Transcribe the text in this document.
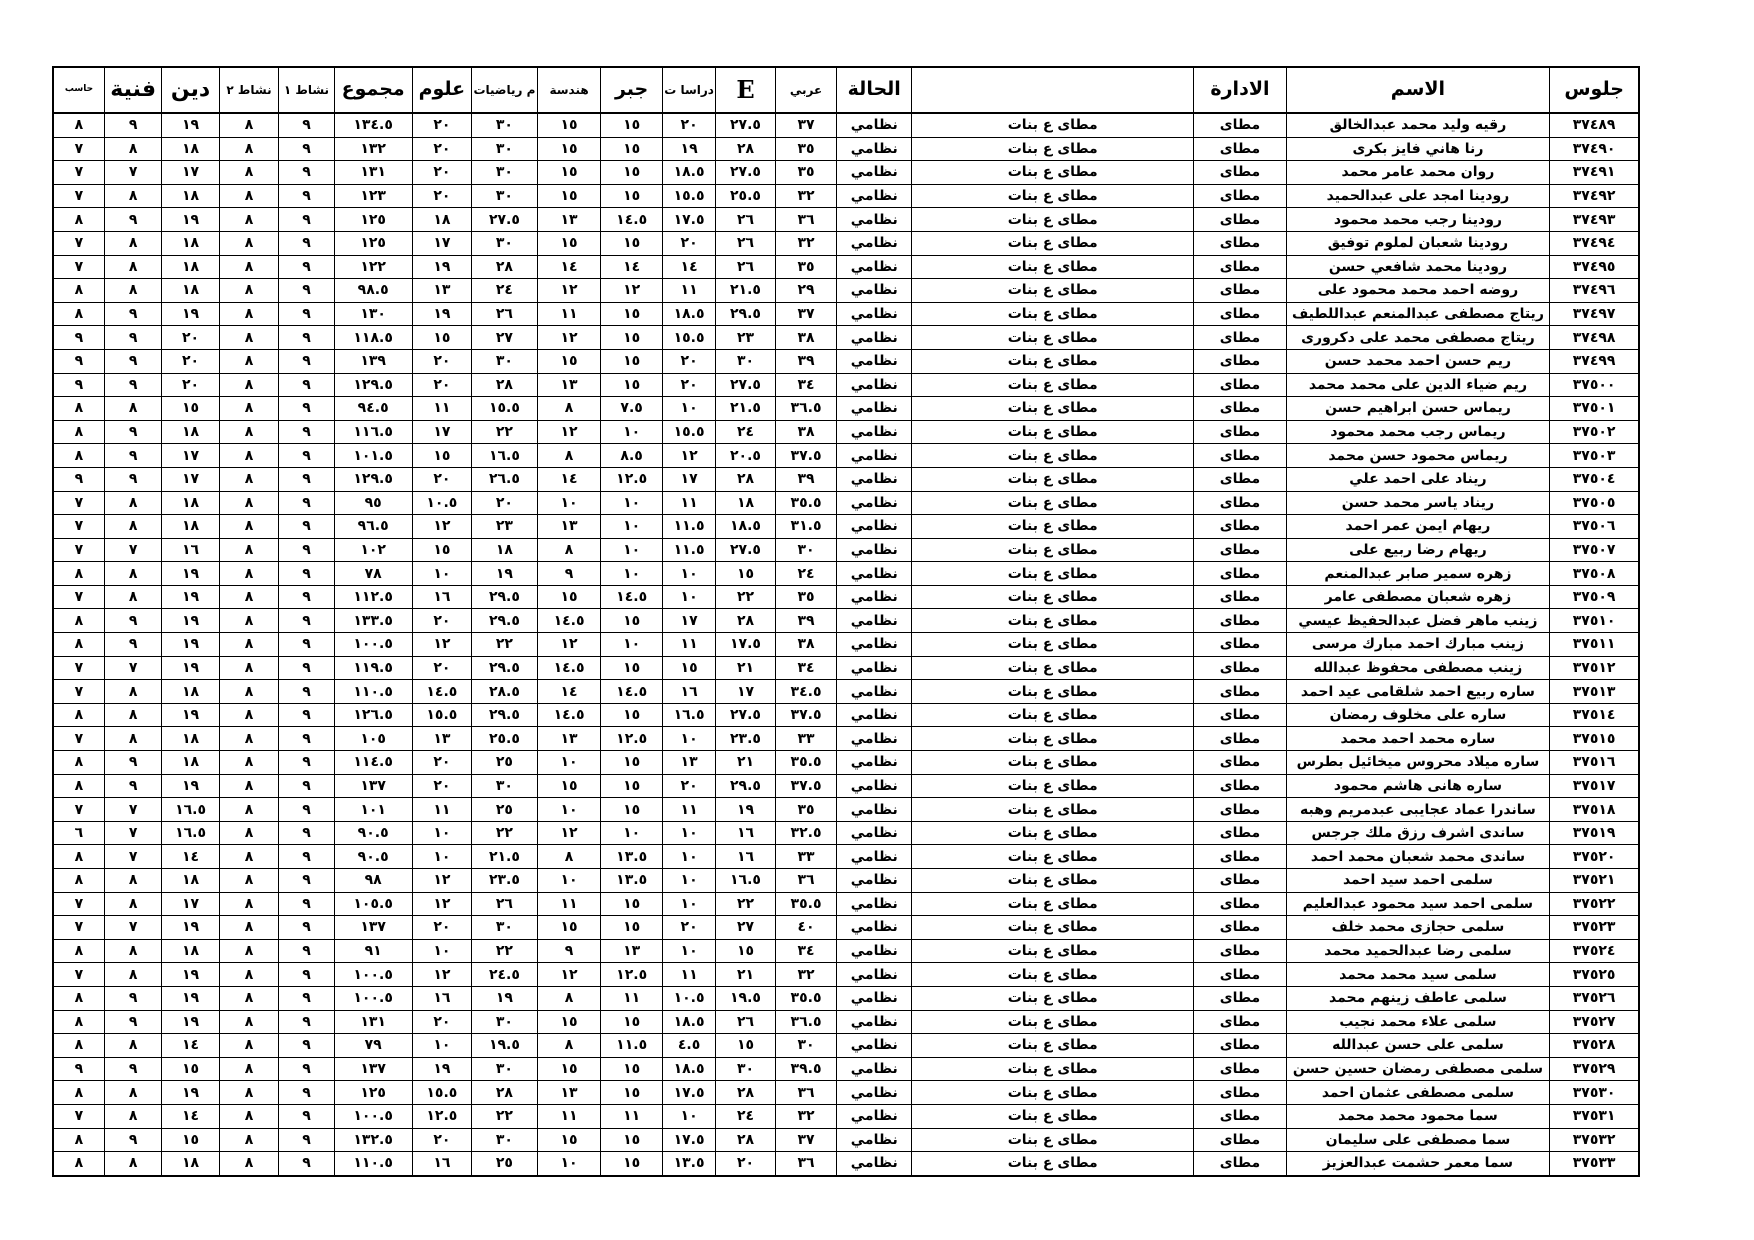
جلوس	الاسم	الادارة		الحالة	عربي	E	دراسا ت	جبر	هندسة	م رياضيات	علوم	مجموع	نشاط ١	نشاط ٢	دين	فنية	حاسب
٣٧٤٨٩	رقيه وليد محمد عبدالخالق	مطاى	مطاى ع بنات	نظامي	٣٧	٢٧.٥	٢٠	١٥	١٥	٣٠	٢٠	١٣٤.٥	٩	٨	١٩	٩	٨
٣٧٤٩٠	رنا هاني فايز بكرى	مطاى	مطاى ع بنات	نظامي	٣٥	٢٨	١٩	١٥	١٥	٣٠	٢٠	١٣٢	٩	٨	١٨	٨	٧
٣٧٤٩١	روان محمد عامر محمد	مطاى	مطاى ع بنات	نظامي	٣٥	٢٧.٥	١٨.٥	١٥	١٥	٣٠	٢٠	١٣١	٩	٨	١٧	٧	٧
٣٧٤٩٢	رودينا امجد على عبدالحميد	مطاى	مطاى ع بنات	نظامي	٣٢	٢٥.٥	١٥.٥	١٥	١٥	٣٠	٢٠	١٢٣	٩	٨	١٨	٨	٧
٣٧٤٩٣	رودينا رجب محمد محمود	مطاى	مطاى ع بنات	نظامي	٣٦	٢٦	١٧.٥	١٤.٥	١٣	٢٧.٥	١٨	١٢٥	٩	٨	١٩	٩	٨
٣٧٤٩٤	رودينا شعبان لملوم توفيق	مطاى	مطاى ع بنات	نظامي	٣٢	٢٦	٢٠	١٥	١٥	٣٠	١٧	١٢٥	٩	٨	١٨	٨	٧
٣٧٤٩٥	رودينا محمد شافعي حسن	مطاى	مطاى ع بنات	نظامي	٣٥	٢٦	١٤	١٤	١٤	٢٨	١٩	١٢٢	٩	٨	١٨	٨	٧
٣٧٤٩٦	روضه احمد محمد محمود على	مطاى	مطاى ع بنات	نظامي	٢٩	٢١.٥	١١	١٢	١٢	٢٤	١٣	٩٨.٥	٩	٨	١٨	٨	٨
٣٧٤٩٧	ريتاج مصطفى عبدالمنعم عبداللطيف	مطاى	مطاى ع بنات	نظامي	٣٧	٢٩.٥	١٨.٥	١٥	١١	٢٦	١٩	١٣٠	٩	٨	١٩	٩	٨
٣٧٤٩٨	ريتاج مصطفى محمد على دكرورى	مطاى	مطاى ع بنات	نظامي	٣٨	٢٣	١٥.٥	١٥	١٢	٢٧	١٥	١١٨.٥	٩	٨	٢٠	٩	٩
٣٧٤٩٩	ريم حسن احمد محمد حسن	مطاى	مطاى ع بنات	نظامي	٣٩	٣٠	٢٠	١٥	١٥	٣٠	٢٠	١٣٩	٩	٨	٢٠	٩	٩
٣٧٥٠٠	ريم ضياء الدين على محمد محمد	مطاى	مطاى ع بنات	نظامي	٣٤	٢٧.٥	٢٠	١٥	١٣	٢٨	٢٠	١٢٩.٥	٩	٨	٢٠	٩	٩
٣٧٥٠١	ريماس حسن ابراهيم حسن	مطاى	مطاى ع بنات	نظامي	٣٦.٥	٢١.٥	١٠	٧.٥	٨	١٥.٥	١١	٩٤.٥	٩	٨	١٥	٨	٨
٣٧٥٠٢	ريماس رجب محمد محمود	مطاى	مطاى ع بنات	نظامي	٣٨	٢٤	١٥.٥	١٠	١٢	٢٢	١٧	١١٦.٥	٩	٨	١٨	٩	٨
٣٧٥٠٣	ريماس محمود حسن محمد	مطاى	مطاى ع بنات	نظامي	٣٧.٥	٢٠.٥	١٢	٨.٥	٨	١٦.٥	١٥	١٠١.٥	٩	٨	١٧	٩	٨
٣٧٥٠٤	ريناد على احمد علي	مطاى	مطاى ع بنات	نظامي	٣٩	٢٨	١٧	١٢.٥	١٤	٢٦.٥	٢٠	١٢٩.٥	٩	٨	١٧	٩	٩
٣٧٥٠٥	ريناد ياسر محمد حسن	مطاى	مطاى ع بنات	نظامي	٣٥.٥	١٨	١١	١٠	١٠	٢٠	١٠.٥	٩٥	٩	٨	١٨	٨	٧
٣٧٥٠٦	ريهام ايمن عمر احمد	مطاى	مطاى ع بنات	نظامي	٣١.٥	١٨.٥	١١.٥	١٠	١٣	٢٣	١٢	٩٦.٥	٩	٨	١٨	٨	٧
٣٧٥٠٧	ريهام رضا ربيع على	مطاى	مطاى ع بنات	نظامي	٣٠	٢٧.٥	١١.٥	١٠	٨	١٨	١٥	١٠٢	٩	٨	١٦	٧	٧
٣٧٥٠٨	زهره سمير صابر عبدالمنعم	مطاى	مطاى ع بنات	نظامي	٢٤	١٥	١٠	١٠	٩	١٩	١٠	٧٨	٩	٨	١٩	٨	٨
٣٧٥٠٩	زهره شعبان مصطفى عامر	مطاى	مطاى ع بنات	نظامي	٣٥	٢٢	١٠	١٤.٥	١٥	٢٩.٥	١٦	١١٢.٥	٩	٨	١٩	٨	٧
٣٧٥١٠	زينب ماهر فضل عبدالحفيظ عيسي	مطاى	مطاى ع بنات	نظامي	٣٩	٢٨	١٧	١٥	١٤.٥	٢٩.٥	٢٠	١٣٣.٥	٩	٨	١٩	٩	٨
٣٧٥١١	زينب مبارك احمد مبارك مرسى	مطاى	مطاى ع بنات	نظامي	٣٨	١٧.٥	١١	١٠	١٢	٢٢	١٢	١٠٠.٥	٩	٨	١٩	٩	٨
٣٧٥١٢	زينب مصطفى محفوظ عبدالله	مطاى	مطاى ع بنات	نظامي	٣٤	٢١	١٥	١٥	١٤.٥	٢٩.٥	٢٠	١١٩.٥	٩	٨	١٩	٧	٧
٣٧٥١٣	ساره ربيع احمد شلقامى عيد احمد	مطاى	مطاى ع بنات	نظامي	٣٤.٥	١٧	١٦	١٤.٥	١٤	٢٨.٥	١٤.٥	١١٠.٥	٩	٨	١٨	٨	٧
٣٧٥١٤	ساره على مخلوف رمضان	مطاى	مطاى ع بنات	نظامي	٣٧.٥	٢٧.٥	١٦.٥	١٥	١٤.٥	٢٩.٥	١٥.٥	١٢٦.٥	٩	٨	١٩	٨	٨
٣٧٥١٥	ساره محمد احمد محمد	مطاى	مطاى ع بنات	نظامي	٣٣	٢٣.٥	١٠	١٢.٥	١٣	٢٥.٥	١٣	١٠٥	٩	٨	١٨	٨	٧
٣٧٥١٦	ساره ميلاد محروس ميخائيل بطرس	مطاى	مطاى ع بنات	نظامي	٣٥.٥	٢١	١٣	١٥	١٠	٢٥	٢٠	١١٤.٥	٩	٨	١٨	٩	٨
٣٧٥١٧	ساره هانى هاشم محمود	مطاى	مطاى ع بنات	نظامي	٣٧.٥	٢٩.٥	٢٠	١٥	١٥	٣٠	٢٠	١٣٧	٩	٨	١٩	٩	٨
٣٧٥١٨	ساندرا عماد عجايبى عبدمريم وهبه	مطاى	مطاى ع بنات	نظامي	٣٥	١٩	١١	١٥	١٠	٢٥	١١	١٠١	٩	٨	١٦.٥	٧	٧
٣٧٥١٩	ساندى اشرف رزق ملك جرجس	مطاى	مطاى ع بنات	نظامي	٣٢.٥	١٦	١٠	١٠	١٢	٢٢	١٠	٩٠.٥	٩	٨	١٦.٥	٧	٦
٣٧٥٢٠	ساندى محمد شعبان محمد احمد	مطاى	مطاى ع بنات	نظامي	٣٣	١٦	١٠	١٣.٥	٨	٢١.٥	١٠	٩٠.٥	٩	٨	١٤	٧	٨
٣٧٥٢١	سلمى احمد سيد احمد	مطاى	مطاى ع بنات	نظامي	٣٦	١٦.٥	١٠	١٣.٥	١٠	٢٣.٥	١٢	٩٨	٩	٨	١٨	٨	٨
٣٧٥٢٢	سلمى احمد سيد محمود عبدالعليم	مطاى	مطاى ع بنات	نظامي	٣٥.٥	٢٢	١٠	١٥	١١	٢٦	١٢	١٠٥.٥	٩	٨	١٧	٨	٧
٣٧٥٢٣	سلمى حجازى محمد خلف	مطاى	مطاى ع بنات	نظامي	٤٠	٢٧	٢٠	١٥	١٥	٣٠	٢٠	١٣٧	٩	٨	١٩	٧	٧
٣٧٥٢٤	سلمى رضا عبدالحميد محمد	مطاى	مطاى ع بنات	نظامي	٣٤	١٥	١٠	١٣	٩	٢٢	١٠	٩١	٩	٨	١٨	٨	٨
٣٧٥٢٥	سلمى سيد محمد محمد	مطاى	مطاى ع بنات	نظامي	٣٢	٢١	١١	١٢.٥	١٢	٢٤.٥	١٢	١٠٠.٥	٩	٨	١٩	٨	٧
٣٧٥٢٦	سلمى عاطف زينهم محمد	مطاى	مطاى ع بنات	نظامي	٣٥.٥	١٩.٥	١٠.٥	١١	٨	١٩	١٦	١٠٠.٥	٩	٨	١٩	٩	٨
٣٧٥٢٧	سلمى علاء محمد نجيب	مطاى	مطاى ع بنات	نظامي	٣٦.٥	٢٦	١٨.٥	١٥	١٥	٣٠	٢٠	١٣١	٩	٨	١٩	٩	٨
٣٧٥٢٨	سلمى على حسن عبدالله	مطاى	مطاى ع بنات	نظامي	٣٠	١٥	٤.٥	١١.٥	٨	١٩.٥	١٠	٧٩	٩	٨	١٤	٨	٨
٣٧٥٢٩	سلمى مصطفى رمضان حسين حسن	مطاى	مطاى ع بنات	نظامي	٣٩.٥	٣٠	١٨.٥	١٥	١٥	٣٠	١٩	١٣٧	٩	٨	١٥	٩	٩
٣٧٥٣٠	سلمى مصطفى عثمان احمد	مطاى	مطاى ع بنات	نظامي	٣٦	٢٨	١٧.٥	١٥	١٣	٢٨	١٥.٥	١٢٥	٩	٨	١٩	٨	٨
٣٧٥٣١	سما محمود محمد محمد	مطاى	مطاى ع بنات	نظامي	٣٢	٢٤	١٠	١١	١١	٢٢	١٢.٥	١٠٠.٥	٩	٨	١٤	٨	٧
٣٧٥٣٢	سما مصطفى على سليمان	مطاى	مطاى ع بنات	نظامي	٣٧	٢٨	١٧.٥	١٥	١٥	٣٠	٢٠	١٣٢.٥	٩	٨	١٥	٩	٨
٣٧٥٣٣	سما معمر حشمت عبدالعزيز	مطاى	مطاى ع بنات	نظامي	٣٦	٢٠	١٣.٥	١٥	١٠	٢٥	١٦	١١٠.٥	٩	٨	١٨	٨	٨
